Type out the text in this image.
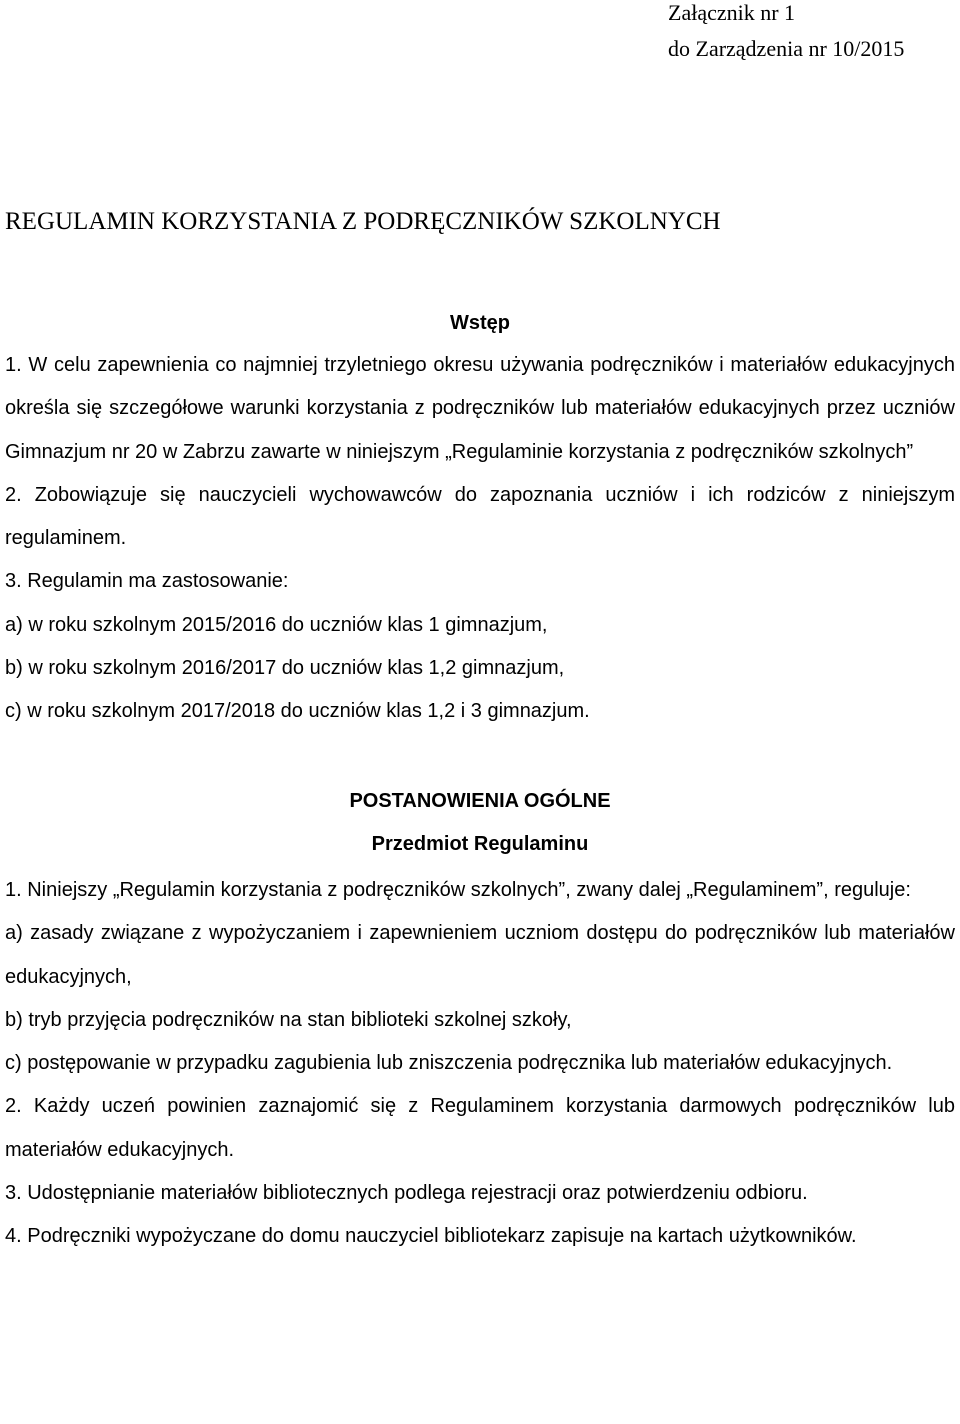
Załącznik nr 1
do Zarządzenia nr 10/2015
REGULAMIN KORZYSTANIA Z PODRĘCZNIKÓW SZKOLNYCH
Wstęp

1. W celu zapewnienia co najmniej trzyletniego okresu używania podręczników i materiałów edukacyjnych określa się szczegółowe warunki korzystania z podręczników lub materiałów edukacyjnych przez uczniów Gimnazjum nr 20 w Zabrzu zawarte w niniejszym „Regulaminie korzystania z podręczników szkolnych”

2. Zobowiązuje się nauczycieli wychowawców do zapoznania uczniów i ich rodziców z niniejszym regulaminem.

3. Regulamin ma zastosowanie:

a) w roku szkolnym 2015/2016 do uczniów klas 1 gimnazjum,

b) w roku szkolnym 2016/2017 do uczniów klas 1,2 gimnazjum,

c) w roku szkolnym 2017/2018 do uczniów klas 1,2 i 3 gimnazjum.

POSTANOWIENIA OGÓLNE
Przedmiot Regulaminu

1. Niniejszy „Regulamin korzystania z podręczników szkolnych”, zwany dalej „Regulaminem”, reguluje:

a) zasady związane z wypożyczaniem i zapewnieniem uczniom dostępu do podręczników lub materiałów edukacyjnych,

b) tryb przyjęcia podręczników na stan biblioteki szkolnej szkoły,

c) postępowanie w przypadku zagubienia lub zniszczenia podręcznika lub materiałów edukacyjnych.

2. Każdy uczeń powinien zaznajomić się z Regulaminem korzystania darmowych podręczników lub materiałów edukacyjnych.

3. Udostępnianie materiałów bibliotecznych podlega rejestracji oraz potwierdzeniu odbioru.

4. Podręczniki wypożyczane do domu nauczyciel bibliotekarz zapisuje na kartach użytkowników.
